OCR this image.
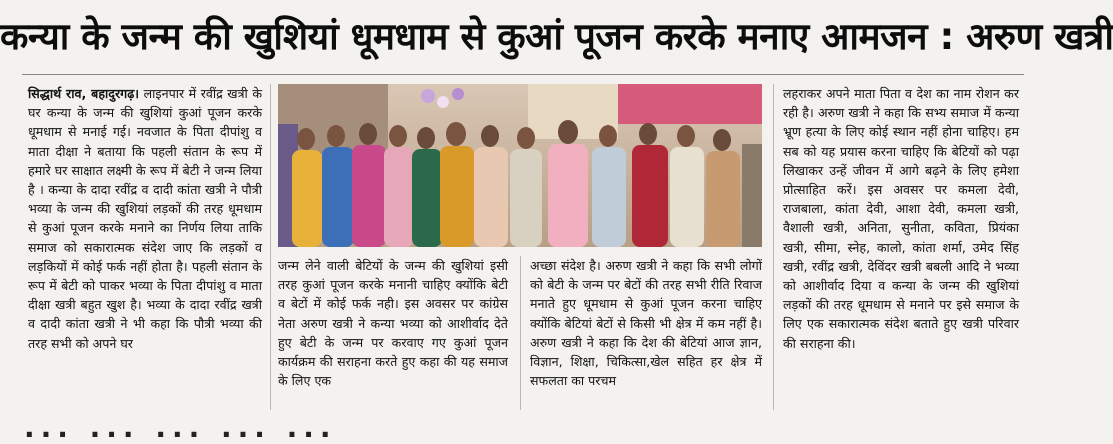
कन्या के जन्म की खुशियां धूमधाम से कुआं पूजन करके मनाए आमजन : अरुण खत्री
सिद्धार्थ राव, बहादुरगढ़। लाइनपार में रवींद्र खत्री के घर कन्या के जन्म की खुशियां कुआं पूजन करके धूमधाम से मनाई गई। नवजात के पिता दीपांशु व माता दीक्षा ने बताया कि पहली संतान के रूप में हमारे घर साक्षात लक्ष्मी के रूप में बेटी ने जन्म लिया है । कन्या के दादा रवींद्र व दादी कांता खत्री ने पौत्री भव्या के जन्म की खुशियां लड़कों की तरह धूमधाम से कुआं पूजन करके मनाने का निर्णय लिया ताकि समाज को सकारात्मक संदेश जाए कि लड़कों व लड़कियों में कोई फर्क नहीं होता है। पहली संतान के रूप में बेटी को पाकर भव्या के पिता दीपांशु व माता दीक्षा खत्री बहुत खुश है। भव्या के दादा रवींद्र खत्री व दादी कांता खत्री ने भी कहा कि पौत्री भव्या की तरह सभी को अपने घर
जन्म लेने वाली बेटियों के जन्म की खुशियां इसी तरह कुआं पूजन करके मनानी चाहिए क्योंकि बेटी व बेटों में कोई फर्क नही। इस अवसर पर कांग्रेस नेता अरुण खत्री ने कन्या भव्या को आशीर्वाद देते हुए बेटी के जन्म पर करवाए गए कुआं पूजन कार्यक्रम की सराहना करते हुए कहा की यह समाज के लिए एक
अच्छा संदेश है। अरुण खत्री ने कहा कि सभी लोगों को बेटी के जन्म पर बेटों की तरह सभी रीति रिवाज मनाते हुए धूमधाम से कुआं पूजन करना चाहिए क्योंकि बेटियां बेटों से किसी भी क्षेत्र में कम नहीं है। अरुण खत्री ने कहा कि देश की बेटियां आज ज्ञान, विज्ञान, शिक्षा, चिकित्सा,खेल सहित हर क्षेत्र में सफलता का परचम
लहराकर अपने माता पिता व देश का नाम रोशन कर रही है। अरुण खत्री ने कहा कि सभ्य समाज में कन्या भ्रूण हत्या के लिए कोई स्थान नहीं होना चाहिए। हम सब को यह प्रयास करना चाहिए कि बेटियों को पढ़ा लिखाकर उन्हें जीवन में आगे बढ़ने के लिए हमेशा प्रोत्साहित करें। इस अवसर पर कमला देवी, राजबाला, कांता देवी, आशा देवी, कमला खत्री, वैशाली खत्री, अनिता, सुनीता, कविता, प्रियंका खत्री, सीमा, स्नेह, कालो, कांता शर्मा, उमेद सिंह खत्री, रवींद्र खत्री, देविंदर खत्री बबली आदि ने भव्या को आशीर्वाद दिया व कन्या के जन्म की खुशियां लड़कों की तरह धूमधाम से मनाने पर इसे समाज के लिए एक सकारात्मक संदेश बताते हुए खत्री परिवार की सराहना की।
... ... ... ... ...
